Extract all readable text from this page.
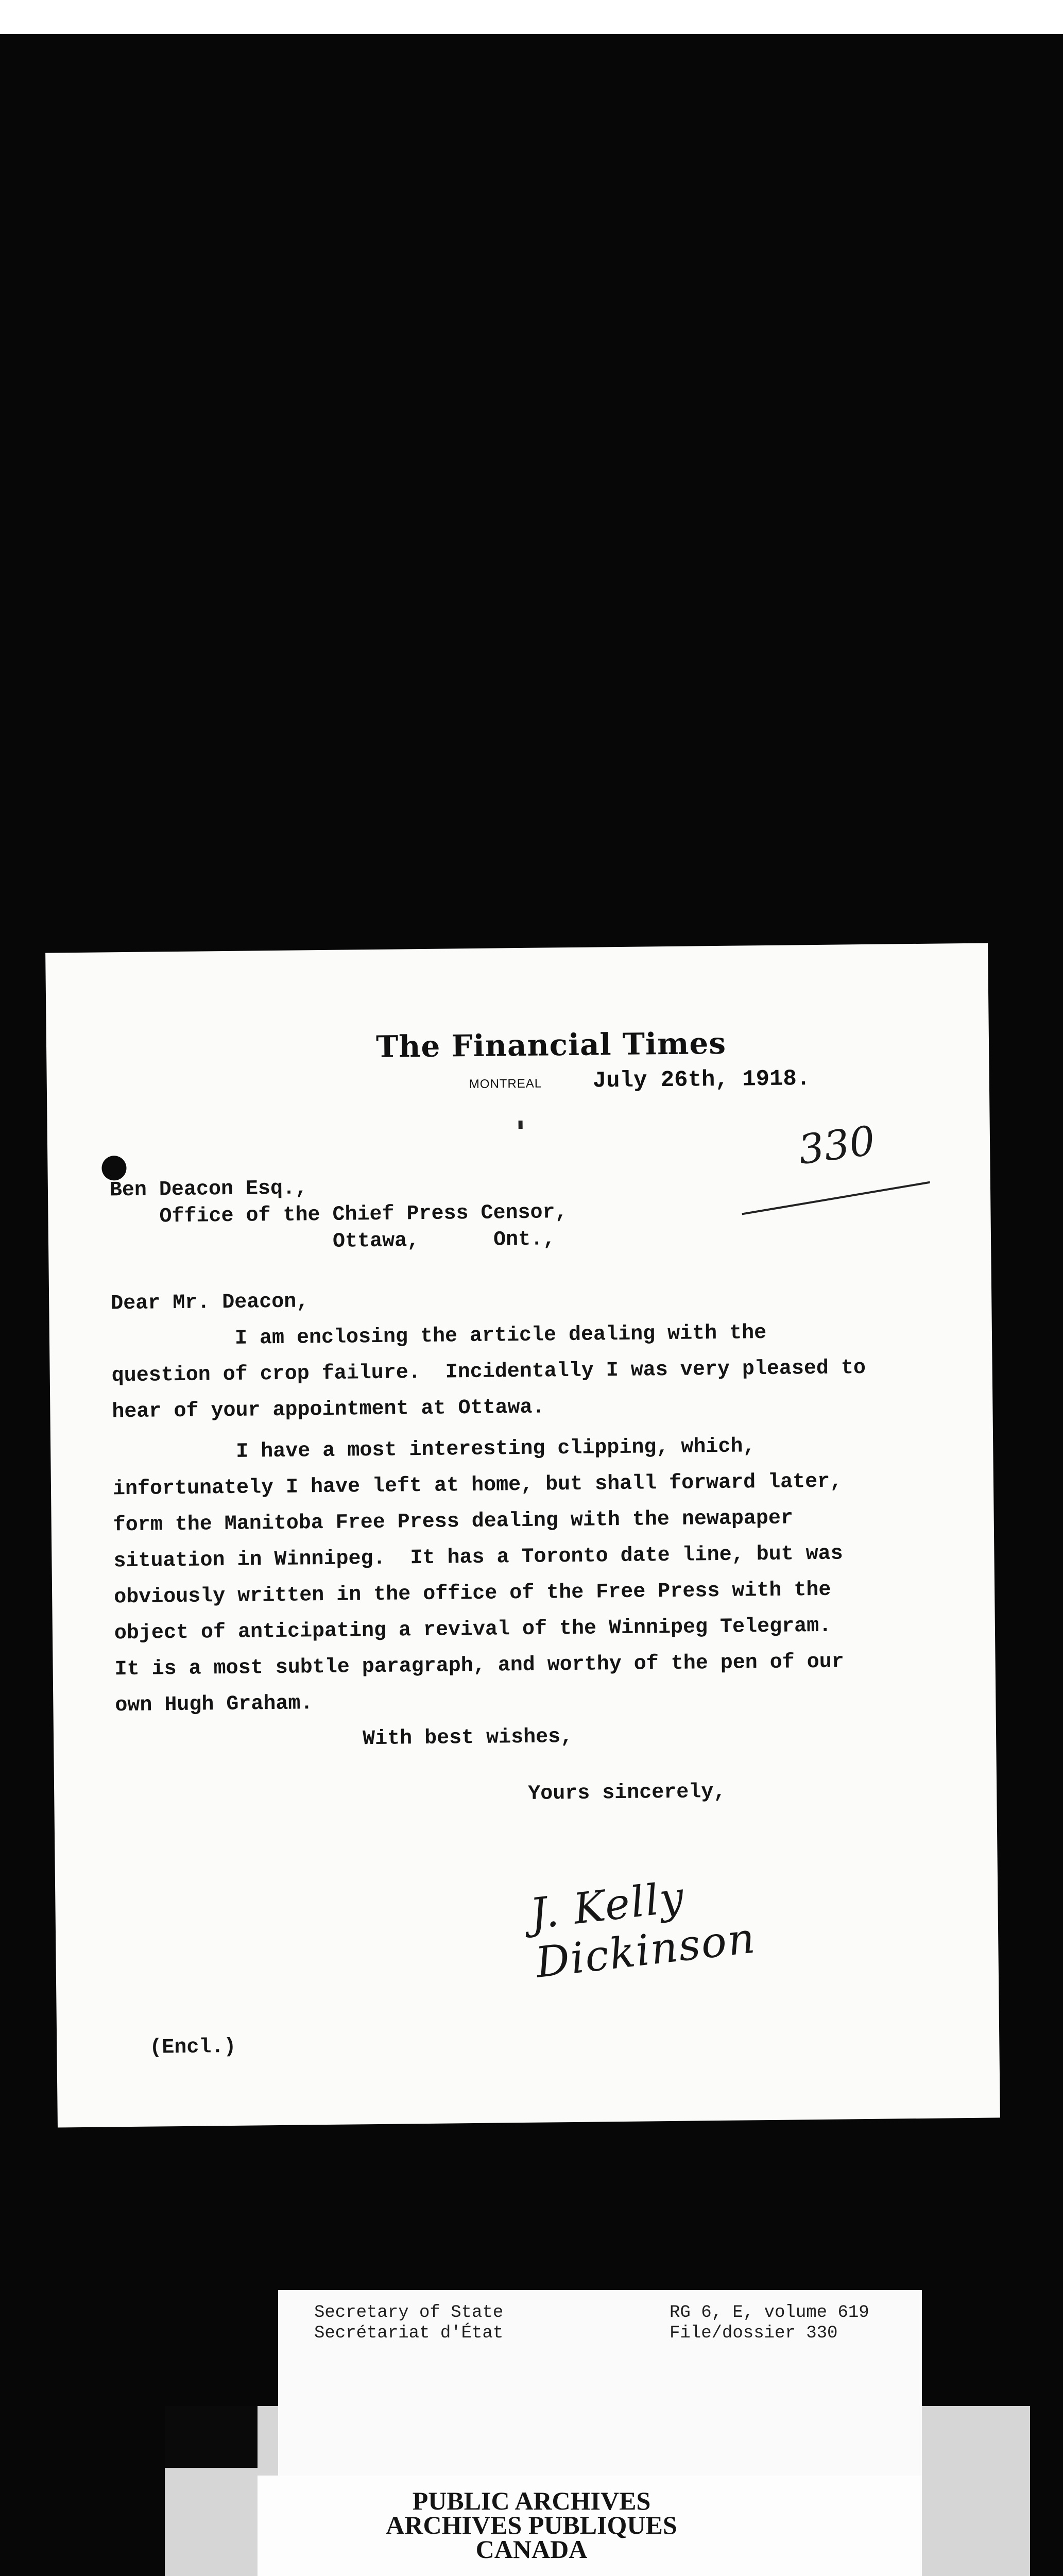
The Financial Times
MONTREAL July 26th, 1918.
330
Ben Deacon Esq.,
Office of the Chief Press Censor,
Ottawa,      Ont.,
Dear Mr. Deacon,
I am enclosing the article dealing with the
question of crop failure.  Incidentally I was very pleased to
hear of your appointment at Ottawa.
I have a most interesting clipping, which,
infortunately I have left at home, but shall forward later,
form the Manitoba Free Press dealing with the newapaper
situation in Winnipeg.  It has a Toronto date line, but was
obviously written in the office of the Free Press with the
object of anticipating a revival of the Winnipeg Telegram.
It is a most subtle paragraph, and worthy of the pen of our
own Hugh Graham.
With best wishes,
Yours sincerely,
J. Kelly Dickinson
(Encl.)
Secretary of State
Secrétariat d'État
RG 6, E, volume 619
File/dossier 330
PUBLIC ARCHIVES
ARCHIVES PUBLIQUES
CANADA
